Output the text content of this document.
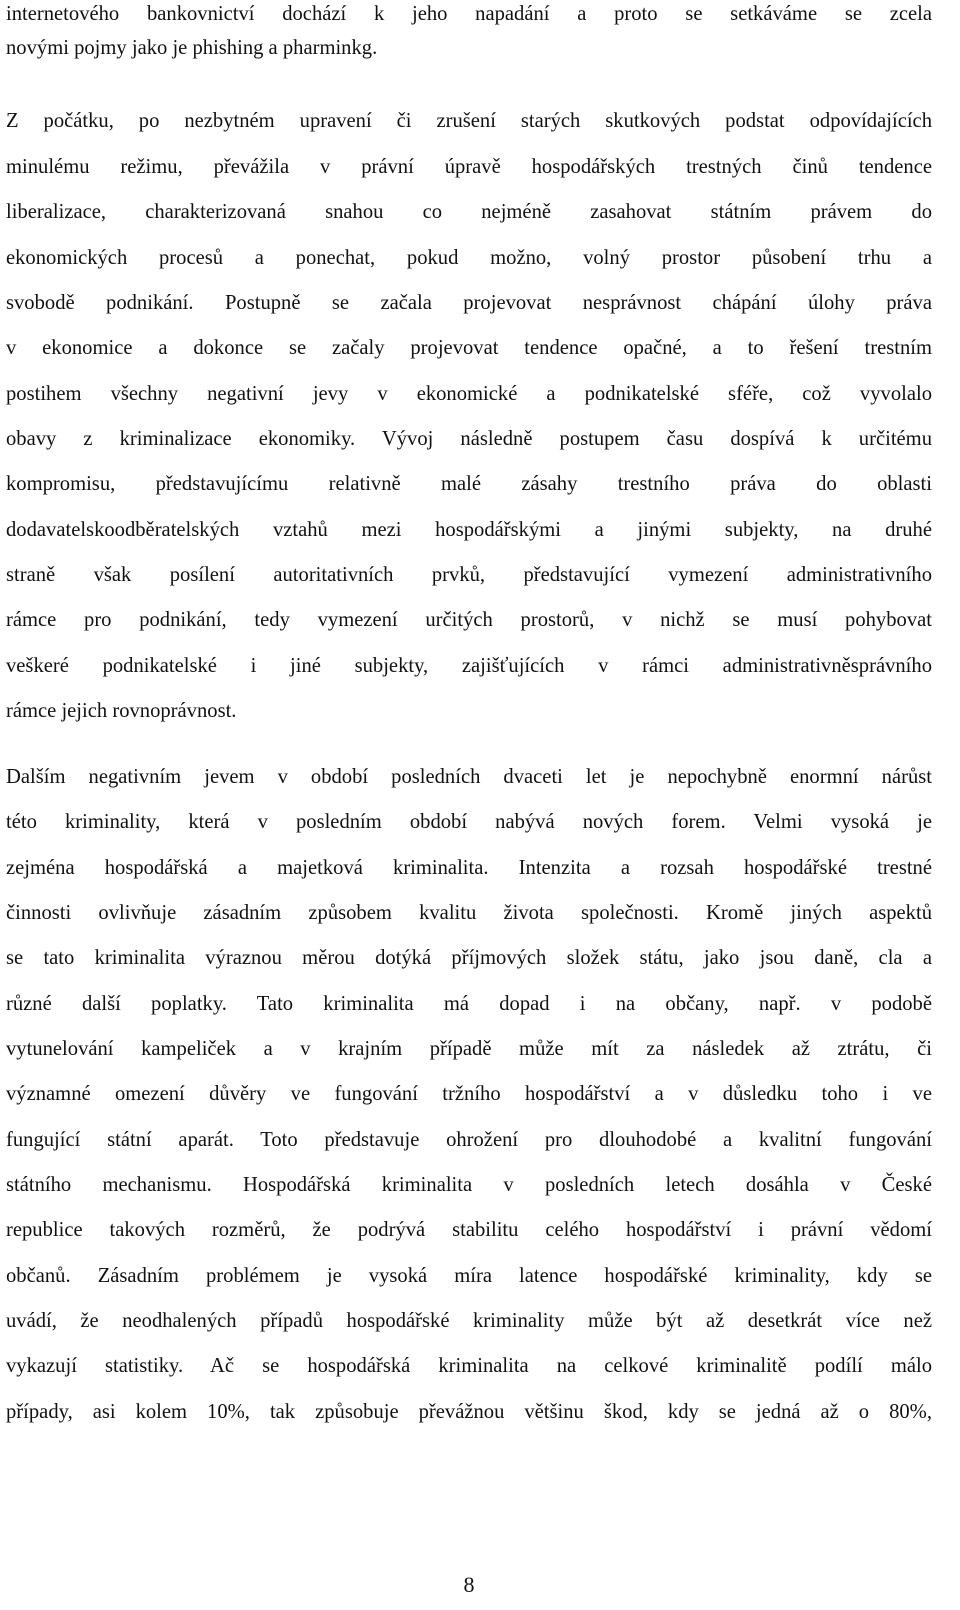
internetového bankovnictví dochází k jeho napadání a proto se setkáváme se zcela
novými pojmy jako je phishing a pharminkg.
Z počátku, po nezbytném upravení či zrušení starých skutkových podstat odpovídajících
minulému režimu, převážila v právní úpravě hospodářských trestných činů tendence
liberalizace, charakterizovaná snahou co nejméně zasahovat státním právem do
ekonomických procesů a ponechat, pokud možno, volný prostor působení trhu a
svobodě podnikání. Postupně se začala projevovat nesprávnost chápání úlohy práva
v ekonomice a dokonce se začaly projevovat tendence opačné, a to řešení trestním
postihem všechny negativní jevy v ekonomické a podnikatelské sféře, což vyvolalo
obavy z kriminalizace ekonomiky. Vývoj následně postupem času dospívá k určitému
kompromisu, představujícímu relativně malé zásahy trestního práva do oblasti
dodavatelskoodběratelských vztahů mezi hospodářskými a jinými subjekty, na druhé
straně však posílení autoritativních prvků, představující vymezení administrativního
rámce pro podnikání, tedy vymezení určitých prostorů, v nichž se musí pohybovat
veškeré podnikatelské i jiné subjekty, zajišťujících v rámci administrativněsprávního
rámce jejich rovnoprávnost.
Dalším negativním jevem v období posledních dvaceti let je nepochybně enormní nárůst
této kriminality, která v posledním období nabývá nových forem. Velmi vysoká je
zejména hospodářská a majetková kriminalita. Intenzita a rozsah hospodářské trestné
činnosti ovlivňuje zásadním způsobem kvalitu života společnosti. Kromě jiných aspektů
se tato kriminalita výraznou měrou dotýká příjmových složek státu, jako jsou daně, cla a
různé další poplatky. Tato kriminalita má dopad i na občany, např. v podobě
vytunelování kampeliček a v krajním případě může mít za následek až ztrátu, či
významné omezení důvěry ve fungování tržního hospodářství a v důsledku toho i ve
fungující státní aparát. Toto představuje ohrožení pro dlouhodobé a kvalitní fungování
státního mechanismu. Hospodářská kriminalita v posledních letech dosáhla v České
republice takových rozměrů, že podrývá stabilitu celého hospodářství i právní vědomí
občanů. Zásadním problémem je vysoká míra latence hospodářské kriminality, kdy se
uvádí, že neodhalených případů hospodářské kriminality může být až desetkrát více než
vykazují statistiky. Ač se hospodářská kriminalita na celkové kriminalitě podílí málo
případy, asi kolem 10%, tak způsobuje převážnou většinu škod, kdy se jedná až o 80%,
8
